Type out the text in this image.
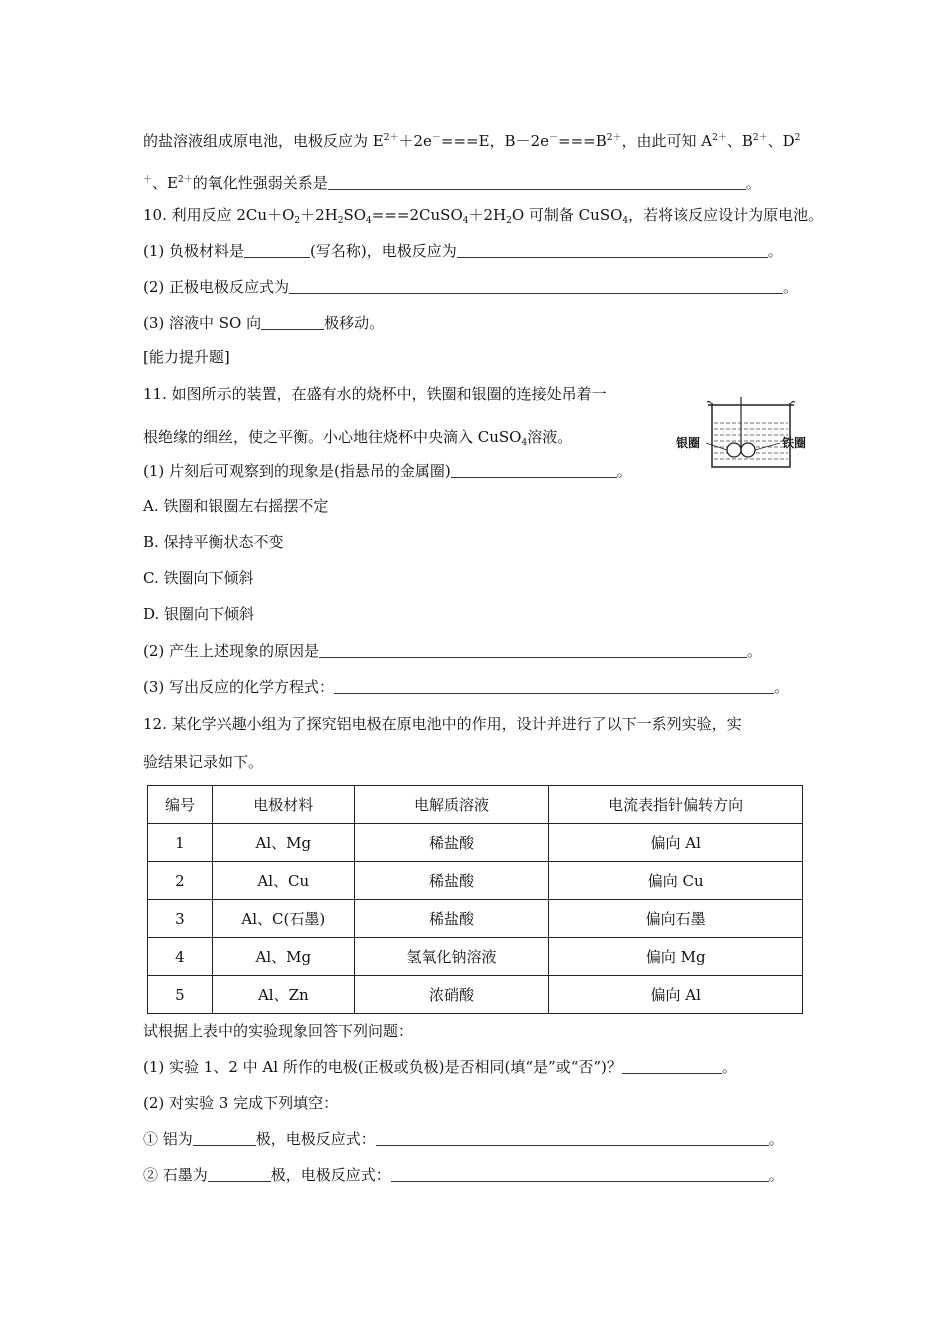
的盐溶液组成原电池，电极反应为 $E^{2+}+2e^-===E$，$B-2e^-===B^{2+}$，由此可知 $A^{2+}$、$B^{2+}$、$D^2$
＋、$E^{2+}$的氧化性强弱关系是	。
10. 利用反应 $2Cu+O_2+2H_2SO_4===2CuSO_4+2H_2O$ 可制备 CuSO$_4$，若将该反应设计为原电池。
(1) 负极材料是	(写名称)，电极反应为	。
(2) 正极电极反应式为	。
(3) 溶液中 SO 向	极移动。
[能力提升题]
11. 如图所示的装置，在盛有水的烧杯中，铁圈和银圈的连接处吊着一
根绝缘的细丝，使之平衡。小心地往烧杯中央滴入 CuSO$_4$溶液。	银圈	铁圈
(1) 片刻后可观察到的现象是(指悬吊的金属圈)	。
A. 铁圈和银圈左右摇摆不定
B. 保持平衡状态不变
C. 铁圈向下倾斜
D. 银圈向下倾斜
(2) 产生上述现象的原因是	。
(3) 写出反应的化学方程式：	。
12. 某化学兴趣小组为了探究铝电极在原电池中的作用，设计并进行了以下一系列实验，实
验结果记录如下。
编号	电极材料	电解质溶液	电流表指针偏转方向
1	Al、Mg	稀盐酸	偏向 Al
2	Al、Cu	稀盐酸	偏向 Cu
3	Al、C(石墨)	稀盐酸	偏向石墨
4	Al、Mg	氢氧化钠溶液	偏向 Mg
5	Al、Zn	浓硝酸	偏向 Al
试根据上表中的实验现象回答下列问题：
(1) 实验 1、2 中 Al 所作的电极(正极或负极)是否相同(填“是”或“否”)？	。
(2) 对实验 3 完成下列填空：
① 铝为	极，电极反应式：	。
② 石墨为	极，电极反应式：	。
